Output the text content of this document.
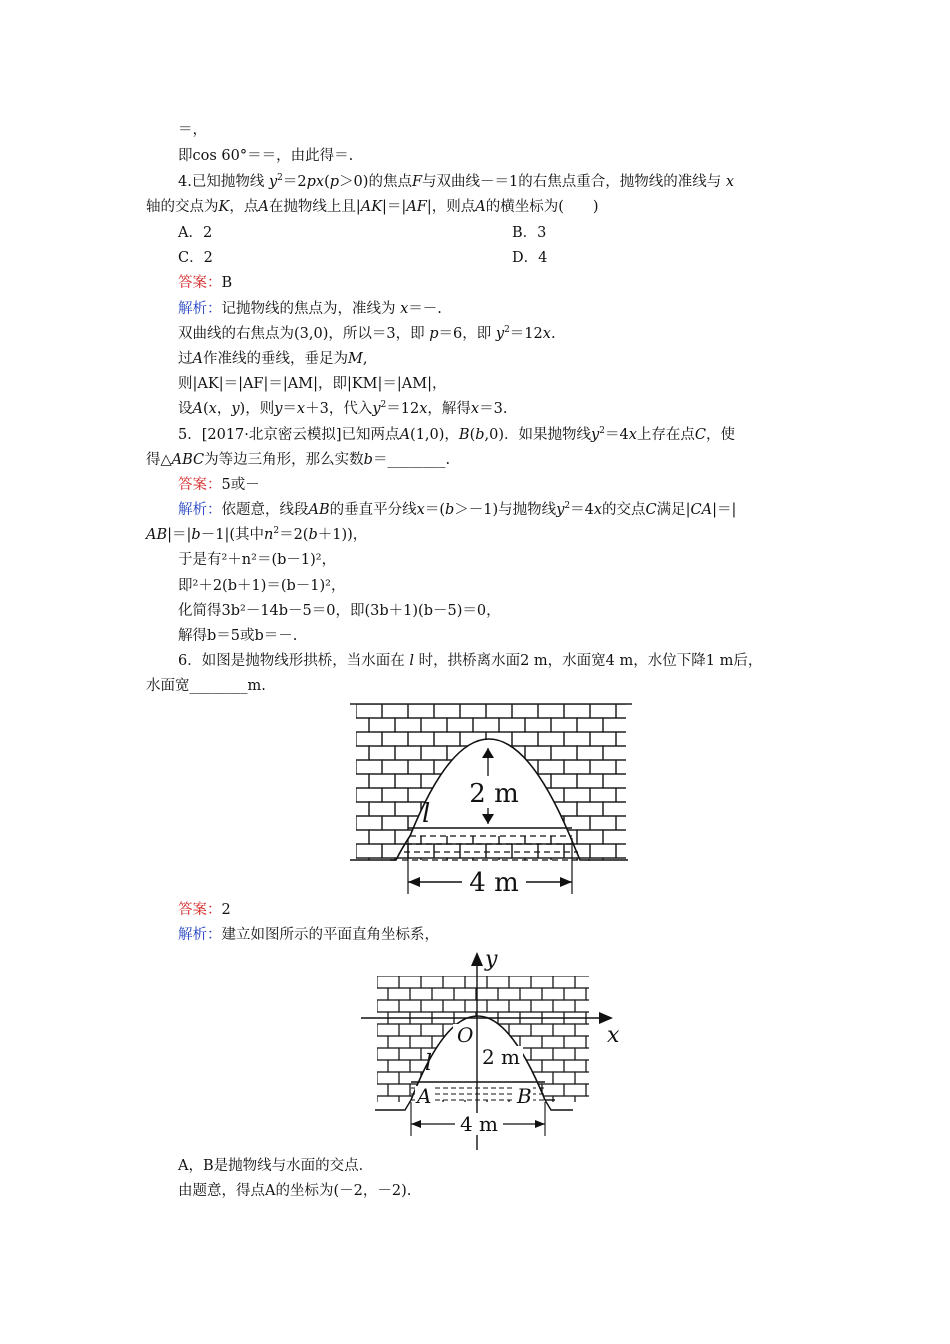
＝，
即cos 60°＝＝，由此得＝.
4.已知抛物线 $y^2=2px(p>0)$的焦点F与双曲线－＝1的右焦点重合，抛物线的准线与 x
轴的交点为K，点A在抛物线上且|AK|＝|AF|，则点A的横坐标为(　　)
A．2	B．3
C．2	D．4
答案：B
解析：记抛物线的焦点为，准线为 x＝－.
双曲线的右焦点为(3,0)，所以＝3，即 p＝6，即 $y^2=12x$.
过A作准线的垂线，垂足为M,
则|AK|＝|AF|＝|AM|，即|KM|＝|AM|，
设A(x，y)，则y＝x＋3，代入$y^2=12x$，解得x＝3.
5．[2017·北京密云模拟]已知两点A(1,0)，B(b,0)．如果抛物线$y^2=4x$上存在点C，使
得△ABC为等边三角形，那么实数b＝________.
答案：5或－
解析：依题意，线段AB的垂直平分线x＝(b＞－1)与抛物线$y^2=4x$的交点C满足|CA|＝|
AB|＝|b－1|(其中$n^2=2(b+1)$)，
于是有²＋n²＝(b－1)²，
即²＋2(b＋1)＝(b－1)²，
化简得3b²－14b－5＝0，即(3b＋1)(b－5)＝0，
解得b＝5或b＝－.
6．如图是抛物线形拱桥，当水面在 l 时，拱桥离水面2 m，水面宽4 m，水位下降1 m后，
水面宽________m.
2 m
l
4 m
答案：2
解析：建立如图所示的平面直角坐标系，
y
x
O
2 m
l
A	B
4 m
A，B是抛物线与水面的交点．
由题意，得点A的坐标为(－2，－2).
